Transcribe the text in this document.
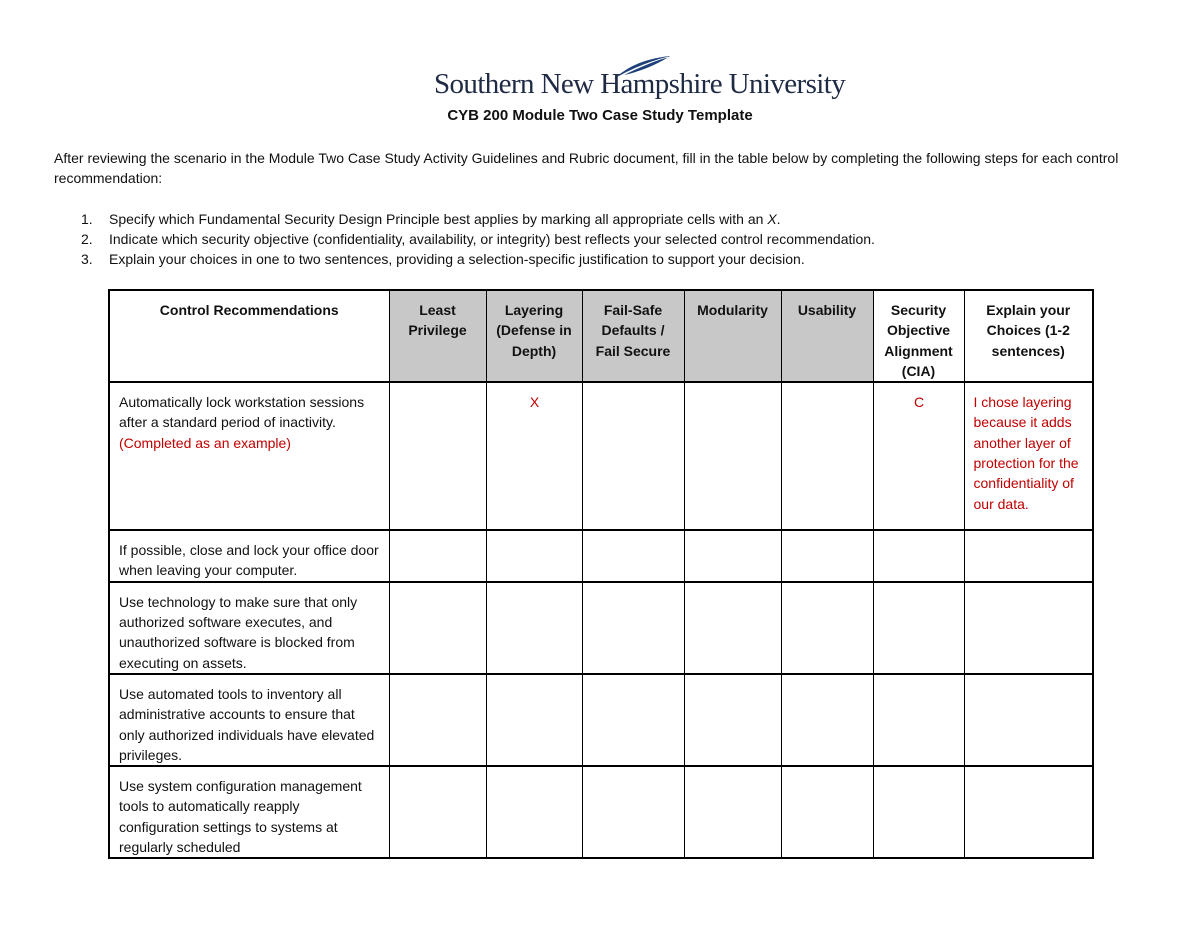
Southern New Hampshire University
CYB 200 Module Two Case Study Template

After reviewing the scenario in the Module Two Case Study Activity Guidelines and Rubric document, fill in the table below by completing the following steps for each control recommendation:

1. Specify which Fundamental Security Design Principle best applies by marking all appropriate cells with an X.
2. Indicate which security objective (confidentiality, availability, or integrity) best reflects your selected control recommendation.
3. Explain your choices in one to two sentences, providing a selection-specific justification to support your decision.
Control Recommendations	Least Privilege	Layering (Defense in Depth)	Fail-Safe Defaults / Fail Secure	Modularity	Usability	Security Objective Alignment (CIA)	Explain your Choices (1-2 sentences)
Automatically lock workstation sessions after a standard period of inactivity. (Completed as an example)		X				C	I chose layering because it adds another layer of protection for the confidentiality of our data.
If possible, close and lock your office door when leaving your computer.							
Use technology to make sure that only authorized software executes, and unauthorized software is blocked from executing on assets.							
Use automated tools to inventory all administrative accounts to ensure that only authorized individuals have elevated privileges.							
Use system configuration management tools to automatically reapply configuration settings to systems at regularly scheduled							
